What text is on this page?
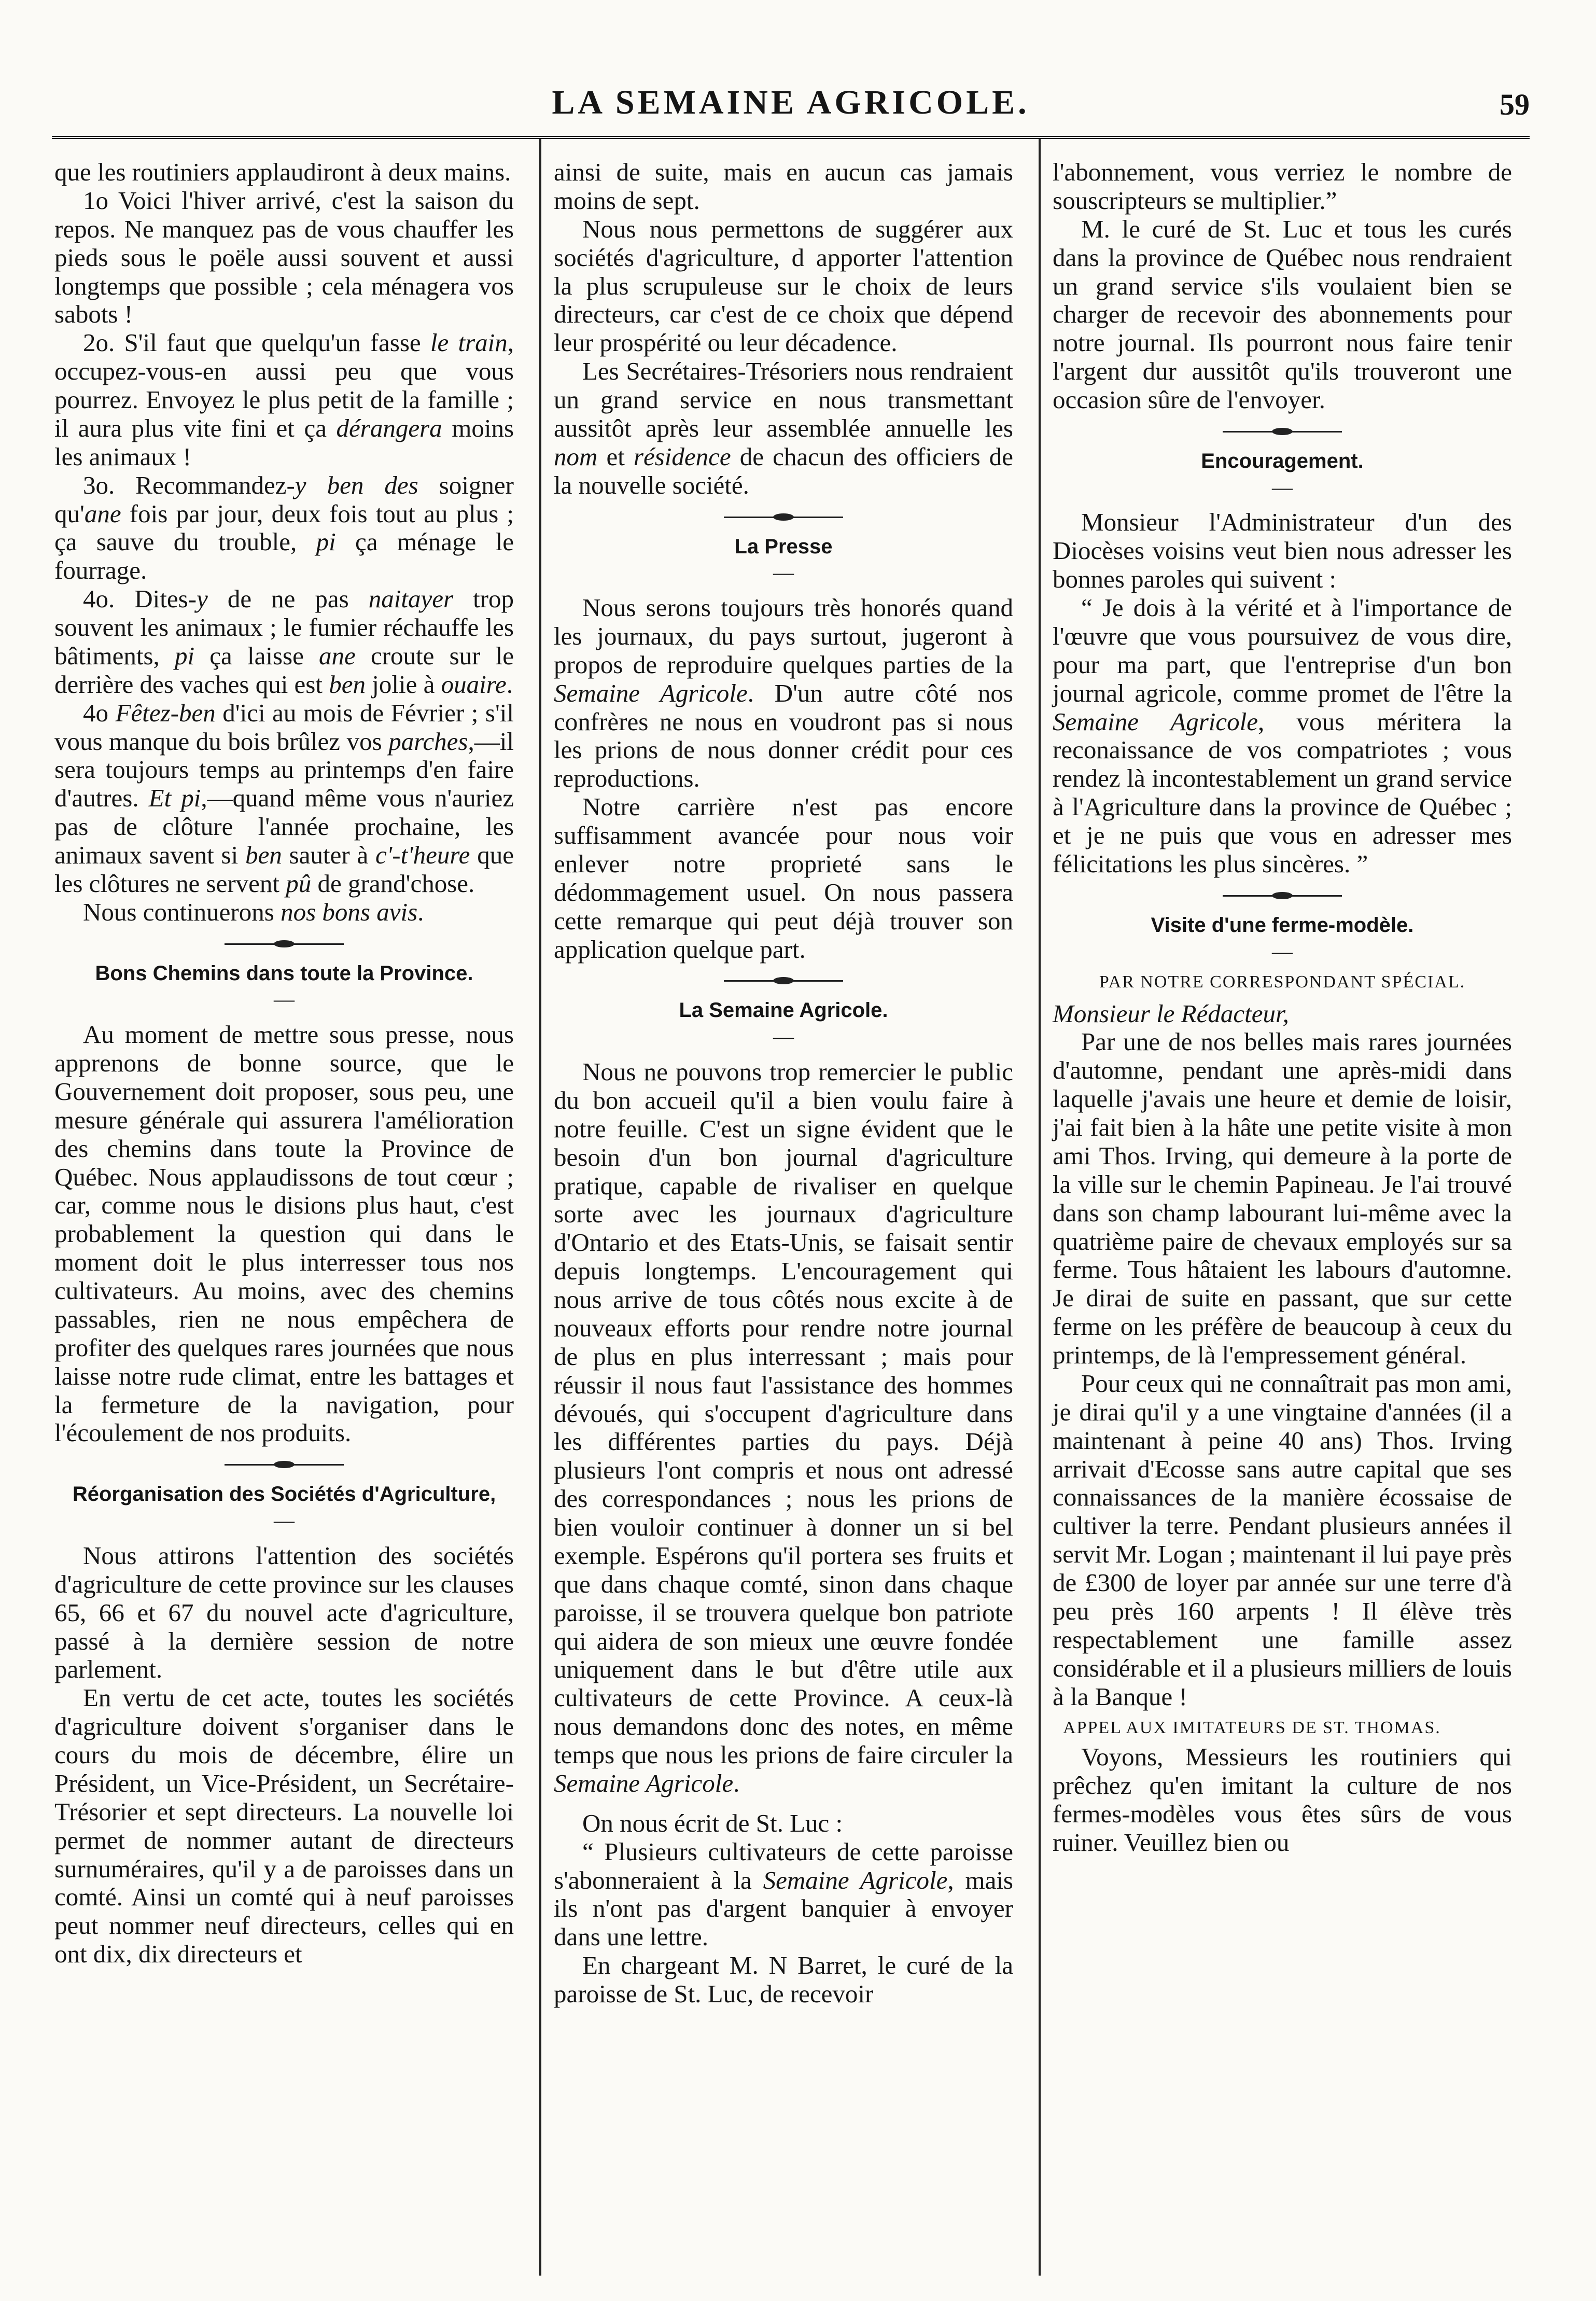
LA SEMAINE AGRICOLE.	59

que les routiniers applaudiront à deux mains.

1o Voici l'hiver arrivé, c'est la saison du repos. Ne manquez pas de vous chauffer les pieds sous le poële aussi souvent et aussi longtemps que possible ; cela ménagera vos sabots !

2o. S'il faut que quelqu'un fasse le train, occupez-vous-en aussi peu que vous pourrez. Envoyez le plus petit de la famille ; il aura plus vite fini et ça dérangera moins les animaux !

3o. Recommandez-y ben des soigner qu'ane fois par jour, deux fois tout au plus ; ça sauve du trouble, pi ça ménage le fourrage.

4o. Dites-y de ne pas naitayer trop souvent les animaux ; le fumier réchauffe les bâtiments, pi ça laisse ane croute sur le derrière des vaches qui est ben jolie à ouaire.

4o Fêtez-ben d'ici au mois de Février ; s'il vous manque du bois brûlez vos parches,—il sera toujours temps au printemps d'en faire d'autres. Et pi,—quand même vous n'auriez pas de clôture l'année prochaine, les animaux savent si ben sauter à c'-t'heure que les clôtures ne servent pû de grand'chose.

Nous continuerons nos bons avis.

Bons Chemins dans toute la Province.

—

Au moment de mettre sous presse, nous apprenons de bonne source, que le Gouvernement doit proposer, sous peu, une mesure générale qui assurera l'amélioration des chemins dans toute la Province de Québec. Nous applaudissons de tout cœur ; car, comme nous le disions plus haut, c'est probablement la question qui dans le moment doit le plus interresser tous nos cultivateurs. Au moins, avec des chemins passables, rien ne nous empêchera de profiter des quelques rares journées que nous laisse notre rude climat, entre les battages et la fermeture de la navigation, pour l'écoulement de nos produits.

Réorganisation des Sociétés d'Agriculture,

—

Nous attirons l'attention des sociétés d'agriculture de cette province sur les clauses 65, 66 et 67 du nouvel acte d'agriculture, passé à la dernière session de notre parlement.

En vertu de cet acte, toutes les sociétés d'agriculture doivent s'organiser dans le cours du mois de décembre, élire un Président, un Vice-Président, un Secrétaire-Trésorier et sept directeurs. La nouvelle loi permet de nommer autant de directeurs surnuméraires, qu'il y a de paroisses dans un comté. Ainsi un comté qui à neuf paroisses peut nommer neuf directeurs, celles qui en ont dix, dix directeurs et

ainsi de suite, mais en aucun cas jamais moins de sept.

Nous nous permettons de suggérer aux sociétés d'agriculture, d apporter l'attention la plus scrupuleuse sur le choix de leurs directeurs, car c'est de ce choix que dépend leur prospérité ou leur décadence.

Les Secrétaires-Trésoriers nous rendraient un grand service en nous transmettant aussitôt après leur assemblée annuelle les nom et résidence de chacun des officiers de la nouvelle société.

La Presse

—

Nous serons toujours très honorés quand les journaux, du pays surtout, jugeront à propos de reproduire quelques parties de la Semaine Agricole. D'un autre côté nos confrères ne nous en voudront pas si nous les prions de nous donner crédit pour ces reproductions.

Notre carrière n'est pas encore suffisamment avancée pour nous voir enlever notre proprieté sans le dédommagement usuel. On nous passera cette remarque qui peut déjà trouver son application quelque part.

La Semaine Agricole.

—

Nous ne pouvons trop remercier le public du bon accueil qu'il a bien voulu faire à notre feuille. C'est un signe évident que le besoin d'un bon journal d'agriculture pratique, capable de rivaliser en quelque sorte avec les journaux d'agriculture d'Ontario et des Etats-Unis, se faisait sentir depuis longtemps. L'encouragement qui nous arrive de tous côtés nous excite à de nouveaux efforts pour rendre notre journal de plus en plus interressant ; mais pour réussir il nous faut l'assistance des hommes dévoués, qui s'occupent d'agriculture dans les différentes parties du pays. Déjà plusieurs l'ont compris et nous ont adressé des correspondances ; nous les prions de bien vouloir continuer à donner un si bel exemple. Espérons qu'il portera ses fruits et que dans chaque comté, sinon dans chaque paroisse, il se trouvera quelque bon patriote qui aidera de son mieux une œuvre fondée uniquement dans le but d'être utile aux cultivateurs de cette Province. A ceux-là nous demandons donc des notes, en même temps que nous les prions de faire circuler la Semaine Agricole.

On nous écrit de St. Luc :

“ Plusieurs cultivateurs de cette paroisse s'abonneraient à la Semaine Agricole, mais ils n'ont pas d'argent banquier à envoyer dans une lettre.

En chargeant M. N Barret, le curé de la paroisse de St. Luc, de recevoir

l'abonnement, vous verriez le nombre de souscripteurs se multiplier.”

M. le curé de St. Luc et tous les curés dans la province de Québec nous rendraient un grand service s'ils voulaient bien se charger de recevoir des abonnements pour notre journal. Ils pourront nous faire tenir l'argent dur aussitôt qu'ils trouveront une occasion sûre de l'envoyer.

Encouragement.

—

Monsieur l'Administrateur d'un des Diocèses voisins veut bien nous adresser les bonnes paroles qui suivent :

“ Je dois à la vérité et à l'importance de l'œuvre que vous poursuivez de vous dire, pour ma part, que l'entreprise d'un bon journal agricole, comme promet de l'être la Semaine Agricole, vous méritera la reconaissance de vos compatriotes ; vous rendez là incontestablement un grand service à l'Agriculture dans la province de Québec ; et je ne puis que vous en adresser mes félicitations les plus sincères. ”

Visite d'une ferme-modèle.

—

PAR NOTRE CORRESPONDANT SPÉCIAL.

Monsieur le Rédacteur,

Par une de nos belles mais rares journées d'automne, pendant une après-midi dans laquelle j'avais une heure et demie de loisir, j'ai fait bien à la hâte une petite visite à mon ami Thos. Irving, qui demeure à la porte de la ville sur le chemin Papineau. Je l'ai trouvé dans son champ labourant lui-même avec la quatrième paire de chevaux employés sur sa ferme. Tous hâtaient les labours d'automne. Je dirai de suite en passant, que sur cette ferme on les préfère de beaucoup à ceux du printemps, de là l'empressement général.

Pour ceux qui ne connaîtrait pas mon ami, je dirai qu'il y a une vingtaine d'années (il a maintenant à peine 40 ans) Thos. Irving arrivait d'Ecosse sans autre capital que ses connaissances de la manière écossaise de cultiver la terre. Pendant plusieurs années il servit Mr. Logan ; maintenant il lui paye près de £300 de loyer par année sur une terre d'à peu près 160 arpents ! Il élève très respectablement une famille assez considérable et il a plusieurs milliers de louis à la Banque !

APPEL AUX IMITATEURS DE ST. THOMAS.

Voyons, Messieurs les routiniers qui prêchez qu'en imitant la culture de nos fermes-modèles vous êtes sûrs de vous ruiner. Veuillez bien ou
